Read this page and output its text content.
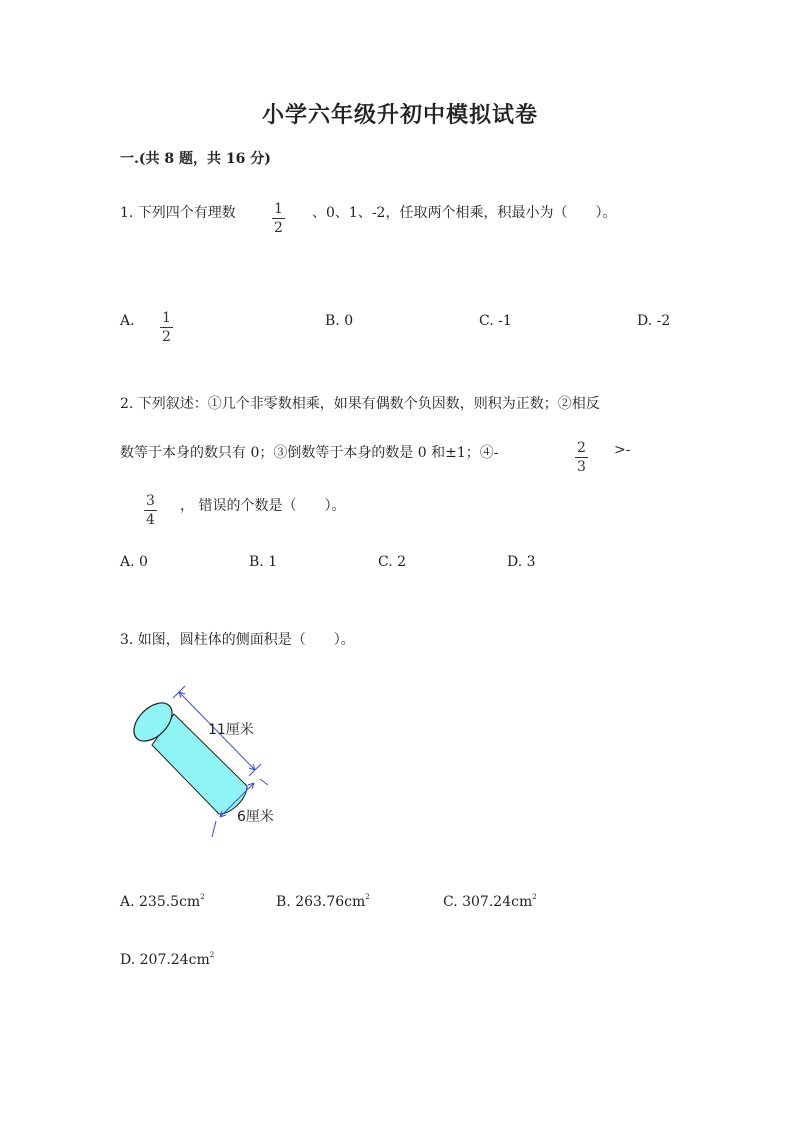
小学六年级升初中模拟试卷
一.(共 8 题，共 16 分)
1. 下列四个有理数	$\frac{1}{2}$ 、0、1、-2，任取两个相乘，积最小为（　　）。
A. $\frac{1}{2}$	B. 0	C. -1	D. -2
2. 下列叙述：①几个非零数相乘，如果有偶数个负因数，则积为正数；②相反
数等于本身的数只有 0；③倒数等于本身的数是 0 和±1；④-	$\frac{2}{3}$ >-
$\frac{3}{4}$ ， 错误的个数是（　　）。
A. 0	B. 1	C. 2	D. 3
3. 如图，圆柱体的侧面积是（　　）。
11厘米
6厘米
A. $235.5cm^2$	B. $263.76cm^2$	C. $307.24cm^2$
D. $207.24cm^2$
